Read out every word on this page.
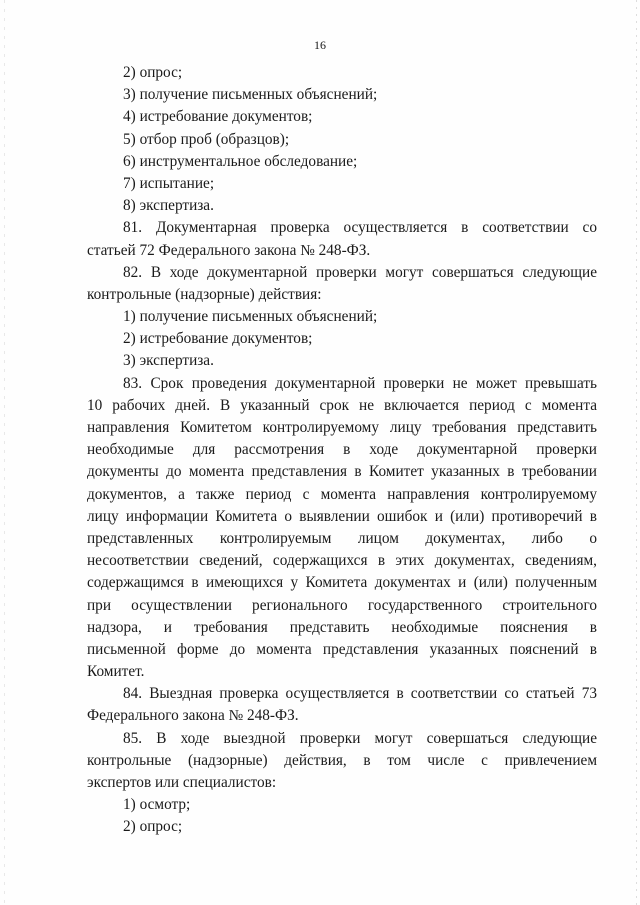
16
2) опрос;
3) получение письменных объяснений;
4) истребование документов;
5) отбор проб (образцов);
6) инструментальное обследование;
7) испытание;
8) экспертиза.
81. Документарная проверка осуществляется в соответствии со
статьей 72 Федерального закона № 248-ФЗ.
82. В ходе документарной проверки могут совершаться следующие
контрольные (надзорные) действия:
1) получение письменных объяснений;
2) истребование документов;
3) экспертиза.
83. Срок проведения документарной проверки не может превышать
10 рабочих дней. В указанный срок не включается период с момента
направления Комитетом контролируемому лицу требования представить
необходимые для рассмотрения в ходе документарной проверки
документы до момента представления в Комитет указанных в требовании
документов, а также период с момента направления контролируемому
лицу информации Комитета о выявлении ошибок и (или) противоречий в
представленных контролируемым лицом документах, либо о
несоответствии сведений, содержащихся в этих документах, сведениям,
содержащимся в имеющихся у Комитета документах и (или) полученным
при осуществлении регионального государственного строительного
надзора, и требования представить необходимые пояснения в
письменной форме до момента представления указанных пояснений в
Комитет.
84. Выездная проверка осуществляется в соответствии со статьей 73
Федерального закона № 248-ФЗ.
85. В ходе выездной проверки могут совершаться следующие
контрольные (надзорные) действия, в том числе с привлечением
экспертов или специалистов:
1) осмотр;
2) опрос;
